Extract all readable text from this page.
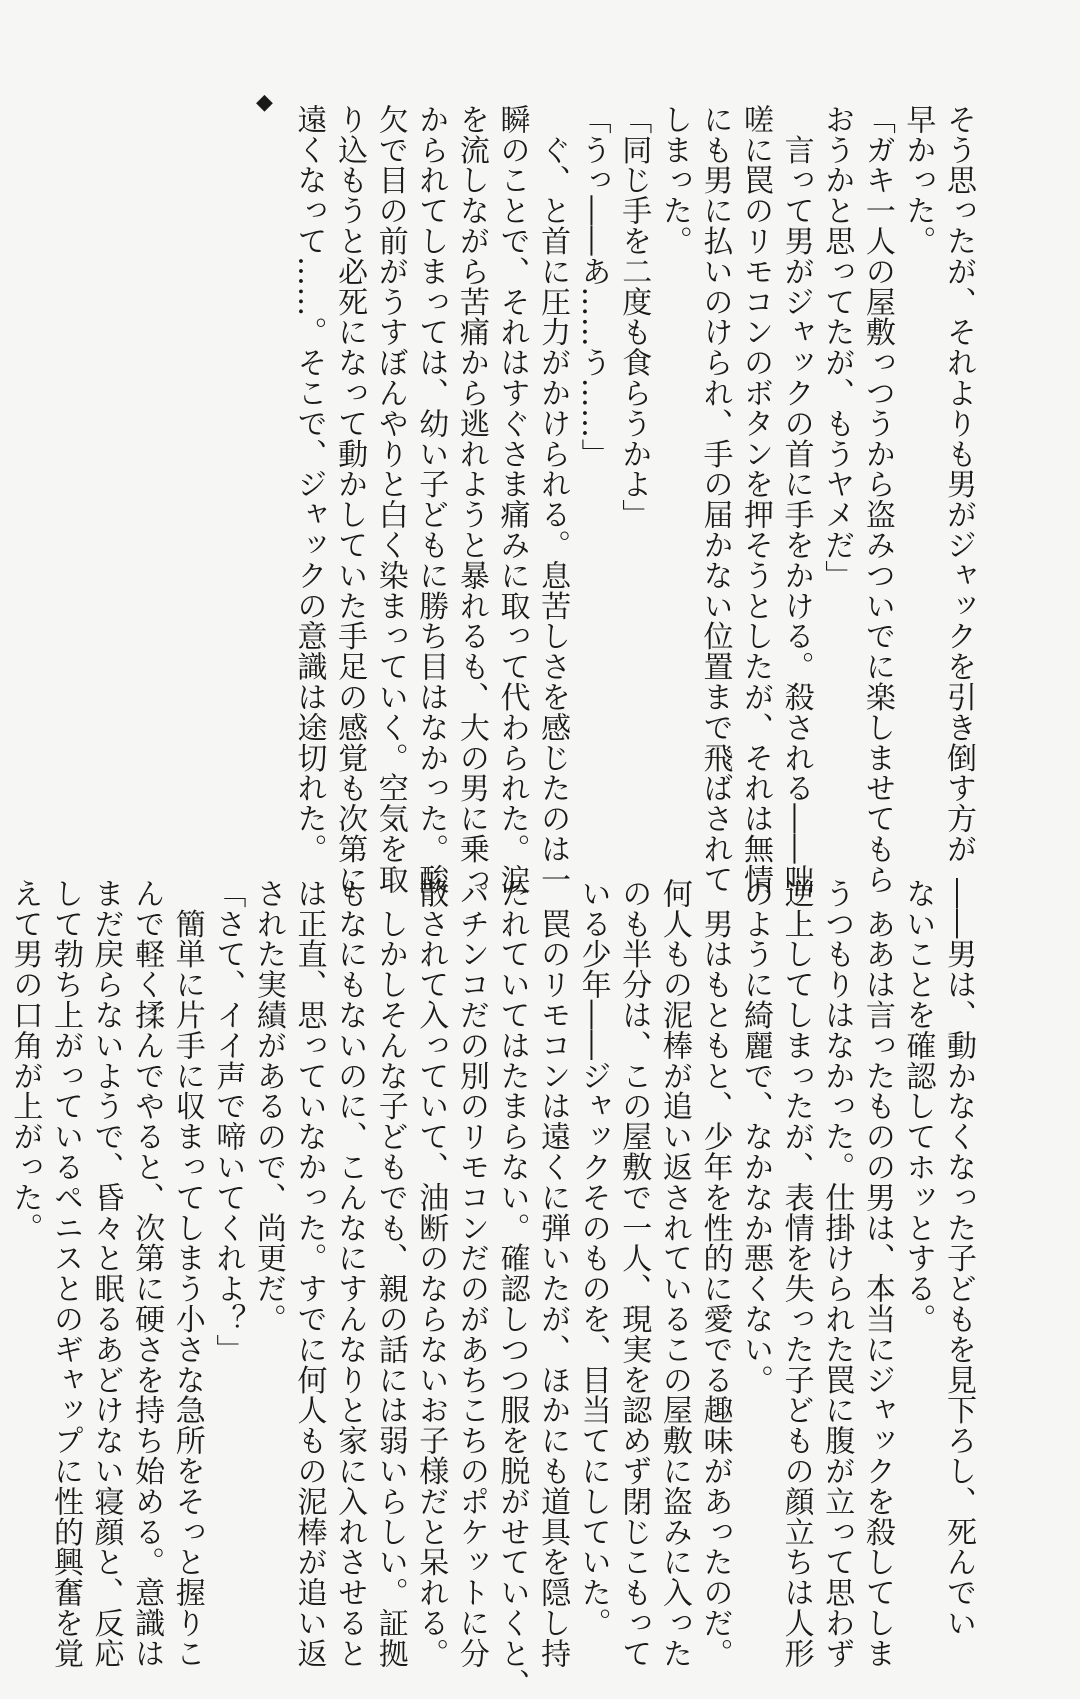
そう思ったが、それよりも男がジャックを引き倒す方が

早かった。

「ガキ一人の屋敷っつうから盗みついでに楽しませてもら

おうかと思ってたが、もうヤメだ」

　言って男がジャックの首に手をかける。殺される――咄

嗟に罠のリモコンのボタンを押そうとしたが、それは無情

にも男に払いのけられ、手の届かない位置まで飛ばされて

しまった。

「同じ手を二度も食らうかよ」

「うっ――あ……う……」

　ぐ、と首に圧力がかけられる。息苦しさを感じたのは一

瞬のことで、それはすぐさま痛みに取って代わられた。涙

を流しながら苦痛から逃れようと暴れるも、大の男に乗っ

かられてしまっては、幼い子どもに勝ち目はなかった。酸

欠で目の前がうすぼんやりと白く染まっていく。空気を取

り込もうと必死になって動かしていた手足の感覚も次第に

遠くなって……。そこで、ジャックの意識は途切れた。

◆

――男は、動かなくなった子どもを見下ろし、死んでい

ないことを確認してホッとする。

　ああは言ったものの男は、本当にジャックを殺してしま

うつもりはなかった。仕掛けられた罠に腹が立って思わず

逆上してしまったが、表情を失った子どもの顔立ちは人形

のように綺麗で、なかなか悪くない。

　男はもともと、少年を性的に愛でる趣味があったのだ。

何人もの泥棒が追い返されているこの屋敷に盗みに入った

のも半分は、この屋敷で一人、現実を認めず閉じこもって

いる少年――ジャックそのものを、目当てにしていた。

　罠のリモコンは遠くに弾いたが、ほかにも道具を隠し持

たれていてはたまらない。確認しつつ服を脱がせていくと、

パチンコだの別のリモコンだのがあちこちのポケットに分

散されて入っていて、油断のならないお子様だと呆れる。

　しかしそんな子どもでも、親の話には弱いらしい。証拠

もなにもないのに、こんなにすんなりと家に入れさせると

は正直、思っていなかった。すでに何人もの泥棒が追い返

された実績があるので、尚更だ。

「さて、イイ声で啼いてくれよ？」

　簡単に片手に収まってしまう小さな急所をそっと握りこ

んで軽く揉んでやると、次第に硬さを持ち始める。意識は

まだ戻らないようで、昏々と眠るあどけない寝顔と、反応

して勃ち上がっているペニスとのギャップに性的興奮を覚

えて男の口角が上がった。
